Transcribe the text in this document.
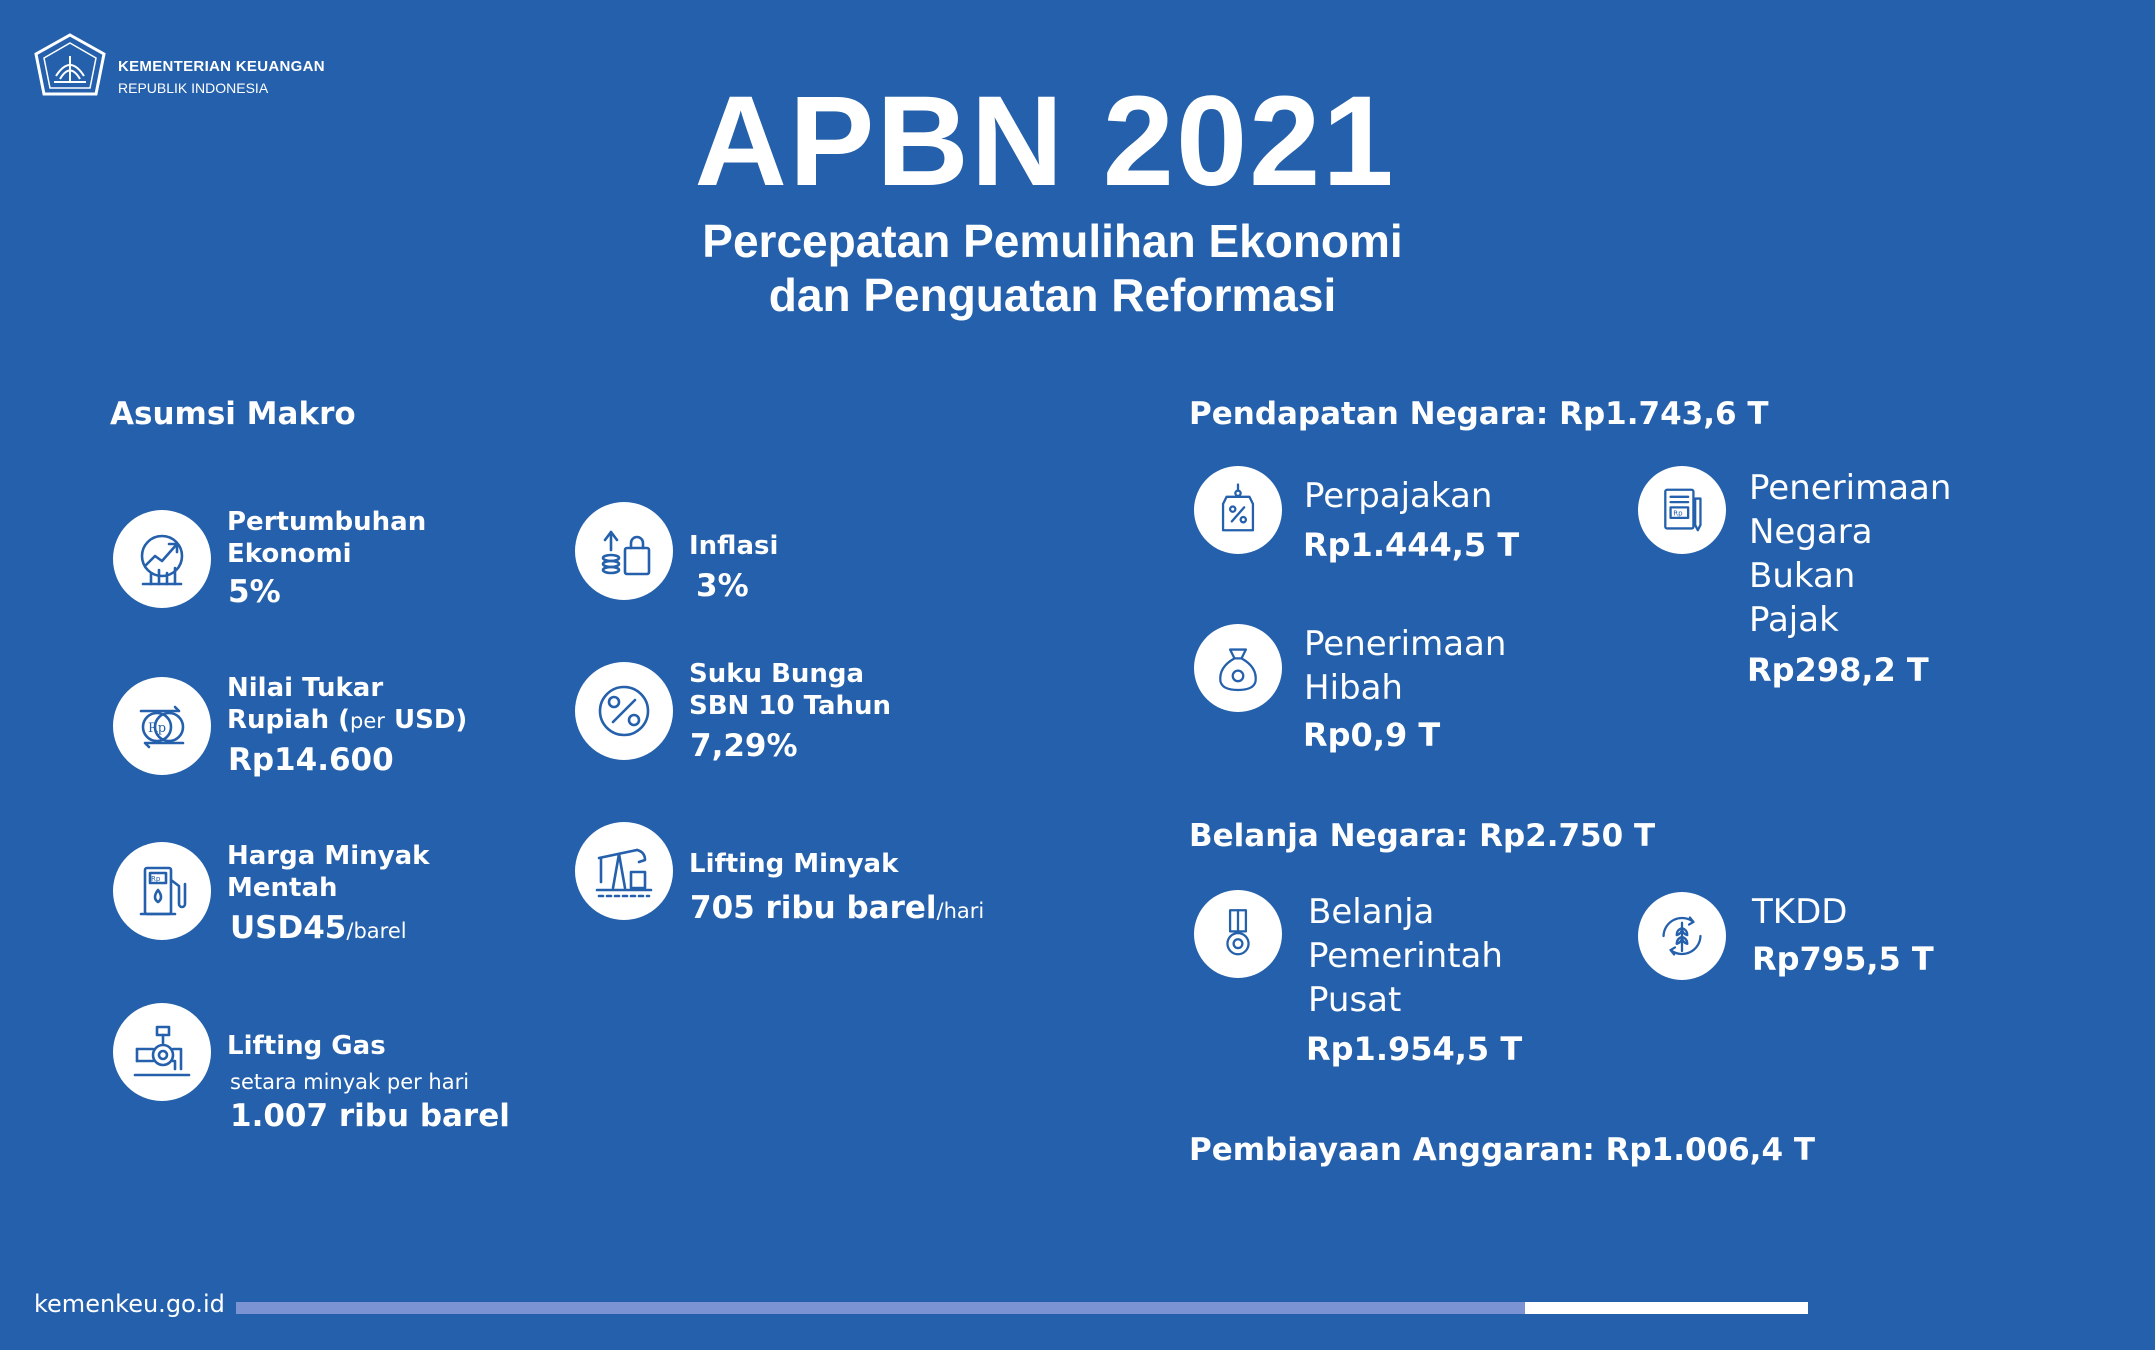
KEMENTERIAN KEUANGAN
REPUBLIK INDONESIA	APBN 2021
Percepatan Pemulihan Ekonomi
dan Penguatan Reformasi
Asumsi Makro
Pertumbuhan
Ekonomi
5%
Inflasi
3%
Rp
Nilai Tukar
Rupiah (per USD)
Rp14.600
Suku Bunga
SBN 10 Tahun
7,29%
Rp
Harga Minyak
Mentah
USD45/barel
Lifting Minyak
705 ribu barel/hari
Lifting Gas
setara minyak per hari
1.007 ribu barel
Pendapatan Negara: Rp1.743,6 T
Perpajakan
Rp1.444,5 T
Rp
Penerimaan
Negara
Bukan
Pajak
Rp298,2 T
Penerimaan
Hibah
Rp0,9 T
Belanja Negara: Rp2.750 T
Belanja
Pemerintah
Pusat
Rp1.954,5 T
TKDD
Rp795,5 T
Pembiayaan Anggaran: Rp1.006,4 T
kemenkeu.go.id
